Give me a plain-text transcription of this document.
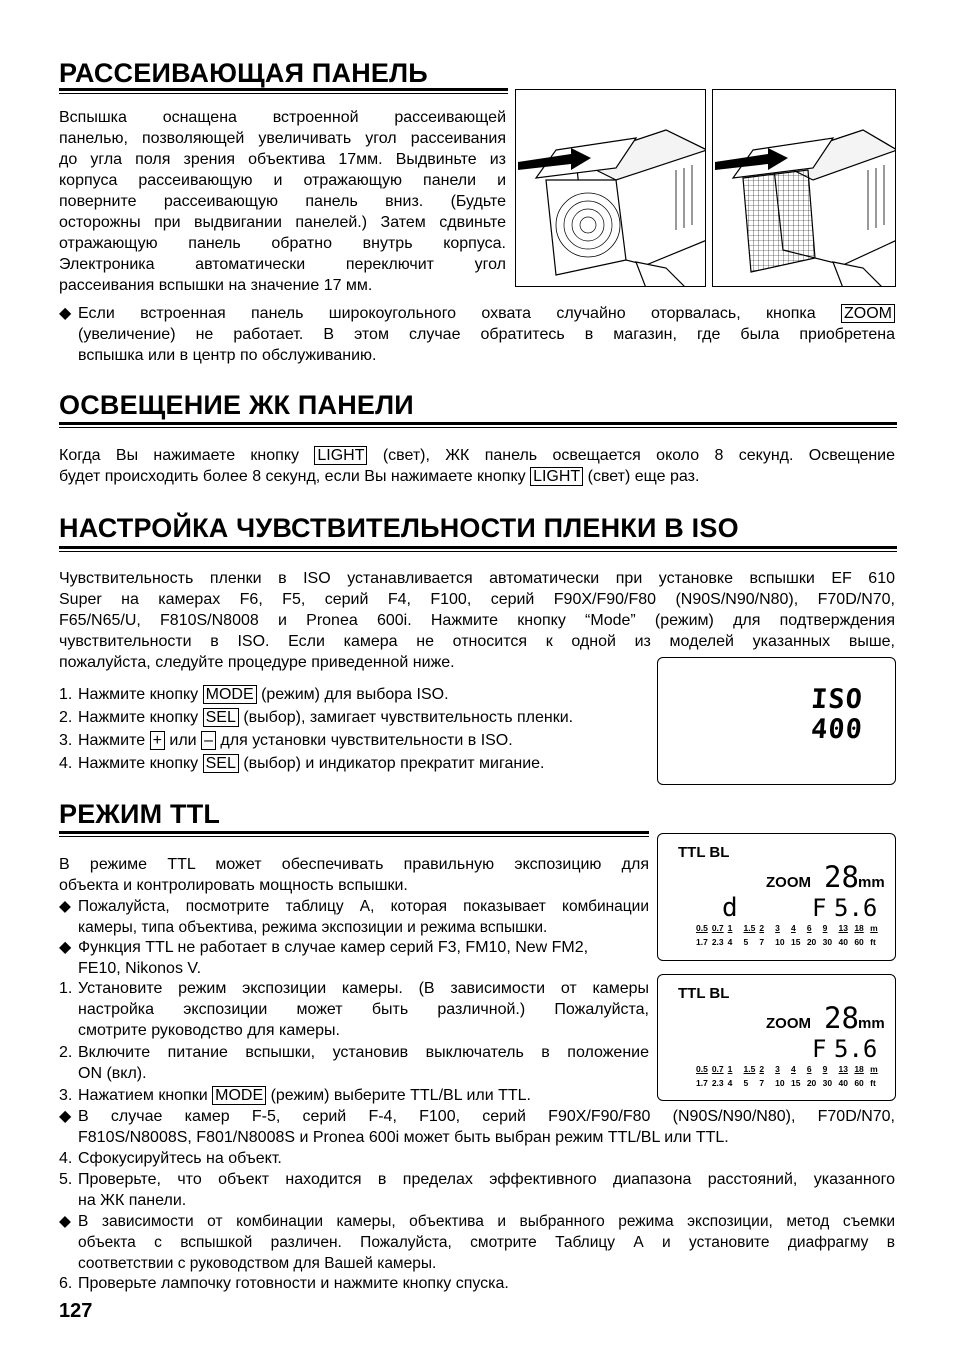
РАССЕИВАЮЩАЯ ПАНЕЛЬ
Вспышка оснащена встроенной рассеивающей
панелью, позволяющей увеличивать угол рассеивания
до угла поля зрения объектива 17мм. Выдвиньте из
корпуса рассеивающую и отражающую панели и
поверните рассеивающую панель вниз. (Будьте
осторожны при выдвигании панелей.) Затем сдвиньте
отражающую панель обратно внутрь корпуса.
Электроника автоматически переключит угол
рассеивания вспышки на значение 17 мм.
◆ Если встроенная панель широкоугольного охвата случайно оторвалась, кнопка ZOOM
(увеличение) не работает. В этом случае обратитесь в магазин, где была приобретена
вспышка или в центр по обслуживанию.
ОСВЕЩЕНИЕ ЖК ПАНЕЛИ
Когда Вы нажимаете кнопку LIGHT (свет), ЖК панель освещается около 8 секунд. Освещение
будет происходить более 8 секунд, если Вы нажимаете кнопку LIGHT (свет) еще раз.
НАСТРОЙКА ЧУВСТВИТЕЛЬНОСТИ ПЛЕНКИ В ISO
Чувствительность пленки в ISO устанавливается автоматически при установке вспышки EF 610
Super на камерах F6, F5, серий F4, F100, серий F90X/F90/F80 (N90S/N90/N80), F70D/N70,
F65/N65/U, F810S/N8008 и Pronea 600i. Нажмите кнопку “Mode” (режим) для подтверждения
чувствительности в ISO. Если камера не относится к одной из моделей указанных выше,
пожалуйста, следуйте процедуре приведенной ниже.
1. Нажмите кнопку MODE (режим) для выбора ISO.
2. Нажмите кнопку SEL (выбор), замигает чувствительность пленки.
3. Нажмите + или – для установки чувствительности в ISO.
4. Нажмите кнопку SEL (выбор) и индикатор прекратит мигание.
ISO
400
РЕЖИМ TTL
В режиме TTL может обеспечивать правильную экспозицию для
объекта и контролировать мощность вспышки.
◆ Пожалуйста, посмотрите таблицу А, которая показывает комбинации
камеры, типа объектива, режима экспозиции и режима вспышки.
◆ Функция TTL не работает в случае камер серий F3, FM10, New FM2,
FE10, Nikonos V.
1. Установите режим экспозиции камеры. (В зависимости от камеры
настройка экспозиции может быть различной.) Пожалуйста,
смотрите руководство для камеры.
2. Включите питание вспышки, установив выключатель в положение
ON (вкл).
3. Нажатием кнопки MODE (режим) выберите TTL/BL или TTL.
◆ В случае камер F-5, серий F-4, F100, серий F90X/F90/F80 (N90S/N90/N80), F70D/N70,
F810S/N8008S, F801/N8008S и Pronea 600i может быть выбран режим TTL/BL или TTL.
4. Сфокусируйтесь на объект.
5. Проверьте, что объект находится в пределах эффективного диапазона расстояний, указанного
на ЖК панели.
◆ В зависимости от комбинации камеры, объектива и выбранного режима экспозиции, метод съемки
объекта с вспышкой различен. Пожалуйста, смотрите Таблицу А и установите диафрагму в
соответствии с руководством для Вашей камеры.
6. Проверьте лампочку готовности и нажмите кнопку спуска.
TTL BL
ZOOM 28 mm
d	F 5.6
0.5 0.7 1 1.5 2 3 4 6 9 13 18 m
1.7 2.3 4 5 7 10 15 20 30 40 60 ft
TTL BL
ZOOM 28 mm
F 5.6
0.5 0.7 1 1.5 2 3 4 6 9 13 18 m
1.7 2.3 4 5 7 10 15 20 30 40 60 ft
127
